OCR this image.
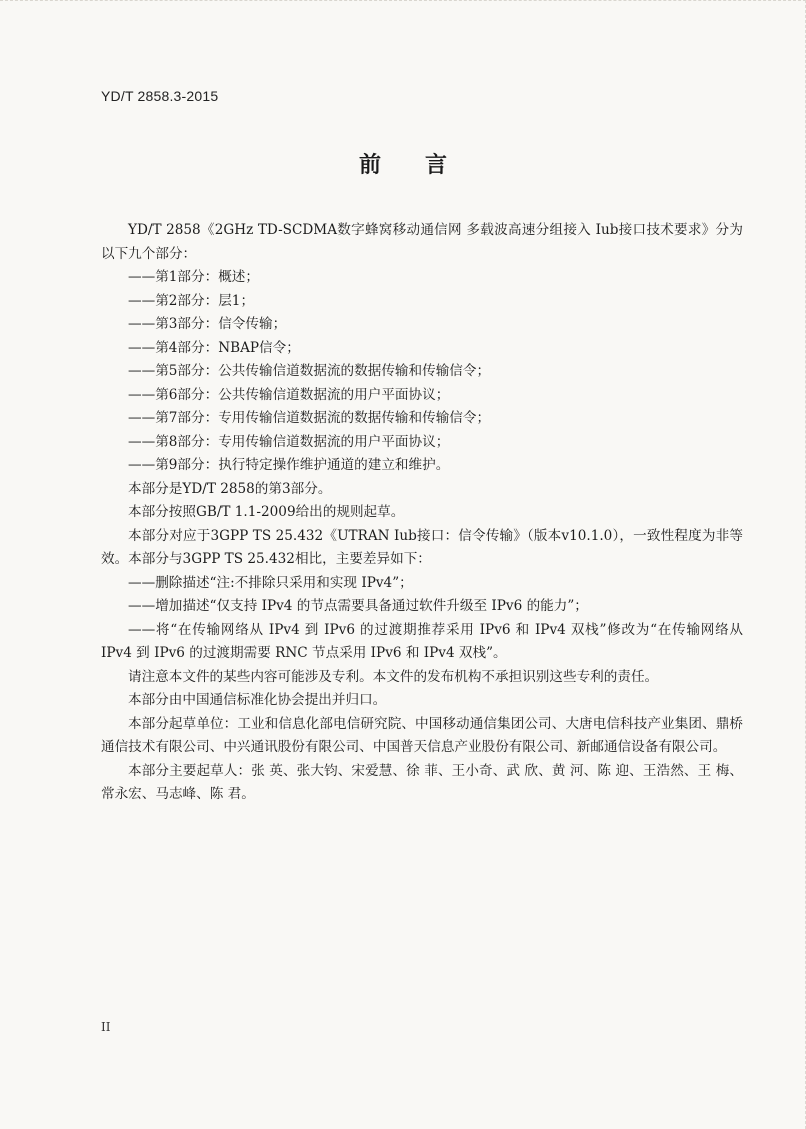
YD/T 2858.3-2015
前言

YD/T 2858《2GHz TD-SCDMA数字蜂窝移动通信网 多载波高速分组接入 Iub接口技术要求》分为以下九个部分：

——第1部分：概述；

——第2部分：层1；

——第3部分：信令传输；

——第4部分：NBAP信令；

——第5部分：公共传输信道数据流的数据传输和传输信令；

——第6部分：公共传输信道数据流的用户平面协议；

——第7部分：专用传输信道数据流的数据传输和传输信令；

——第8部分：专用传输信道数据流的用户平面协议；

——第9部分：执行特定操作维护通道的建立和维护。

本部分是YD/T 2858的第3部分。

本部分按照GB/T 1.1-2009给出的规则起草。

本部分对应于3GPP TS 25.432《UTRAN Iub接口：信令传输》（版本v10.1.0），一致性程度为非等效。本部分与3GPP TS 25.432相比，主要差异如下：

——删除描述“注:不排除只采用和实现 IPv4”；

——增加描述“仅支持 IPv4 的节点需要具备通过软件升级至 IPv6 的能力”；

——将“在传输网络从 IPv4 到 IPv6 的过渡期推荐采用 IPv6 和 IPv4 双栈”修改为“在传输网络从 IPv4 到 IPv6 的过渡期需要 RNC 节点采用 IPv6 和 IPv4 双栈”。

请注意本文件的某些内容可能涉及专利。本文件的发布机构不承担识别这些专利的责任。

本部分由中国通信标准化协会提出并归口。

本部分起草单位：工业和信息化部电信研究院、中国移动通信集团公司、大唐电信科技产业集团、鼎桥通信技术有限公司、中兴通讯股份有限公司、中国普天信息产业股份有限公司、新邮通信设备有限公司。

本部分主要起草人：张 英、张大钧、宋爱慧、徐 菲、王小奇、武 欣、黄 河、陈 迎、王浩然、王 梅、常永宏、马志峰、陈 君。

II
